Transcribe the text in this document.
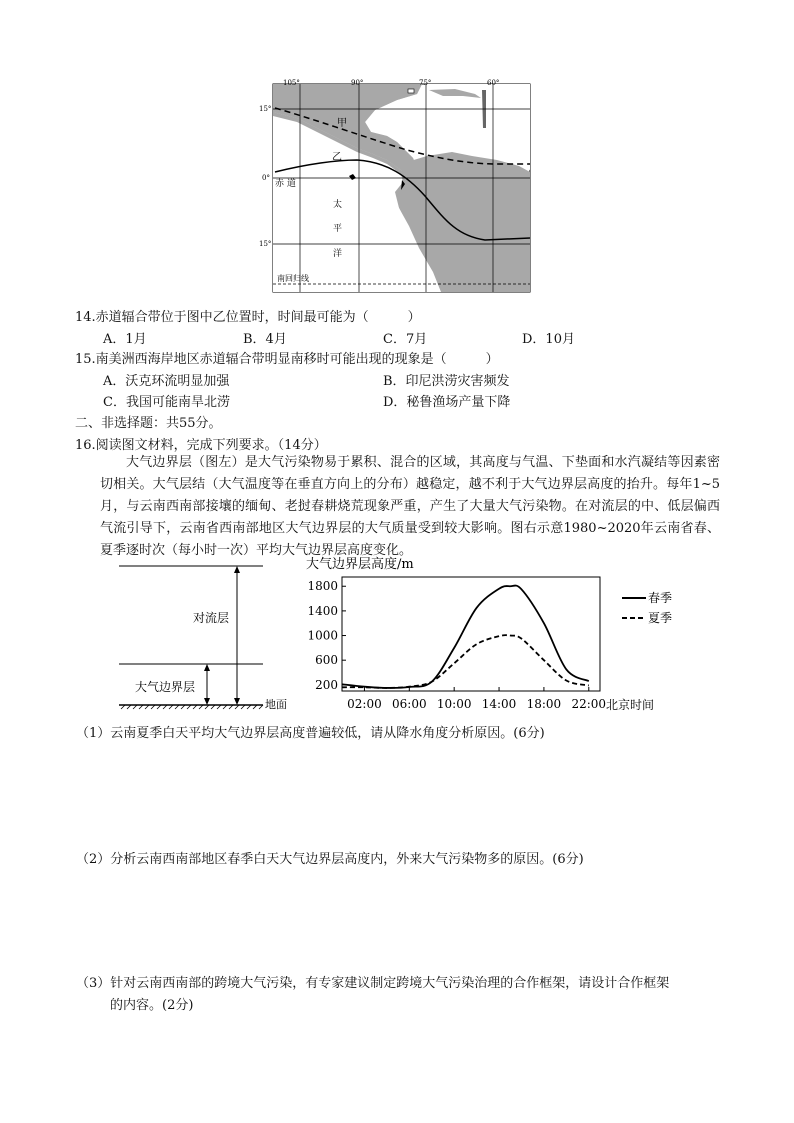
105°	90°	75°	60°
15°
0°
15°
甲
乙
赤 道
太
平
洋
南回归线
14.赤道辐合带位于图中乙位置时，时间最可能为（　　　）
A．1月	B．4月	C．7月	D．10月
15.南美洲西海岸地区赤道辐合带明显南移时可能出现的现象是（　　　）
A．沃克环流明显加强	B．印尼洪涝灾害频发
C．我国可能南旱北涝	D．秘鲁渔场产量下降
二、非选择题：共55分。
16.阅读图文材料，完成下列要求。（14分）
大气边界层（图左）是大气污染物易于累积、混合的区域，其高度与气温、下垫面和水汽凝结等因素密切相关。大气层结（大气温度等在垂直方向上的分布）越稳定，越不利于大气边界层高度的抬升。每年1~5月，与云南西南部接壤的缅甸、老挝春耕烧荒现象严重，产生了大量大气污染物。在对流层的中、低层偏西气流引导下，云南省西南部地区大气边界层的大气质量受到较大影响。图右示意1980~2020年云南省春、夏季逐时次（每小时一次）平均大气边界层高度变化。
对流层
大气边界层
地面
大气边界层高度/m
200
600
1000
1400
1800
02:00 06:00 10:00 14:00 18:00 22:00 北京时间
春季
夏季
（1）云南夏季白天平均大气边界层高度普遍较低，请从降水角度分析原因。(6分)
（2）分析云南西南部地区春季白天大气边界层高度内，外来大气污染物多的原因。(6分)
（3）针对云南西南部的跨境大气污染，有专家建议制定跨境大气污染治理的合作框架，请设计合作框架
的内容。(2分)
